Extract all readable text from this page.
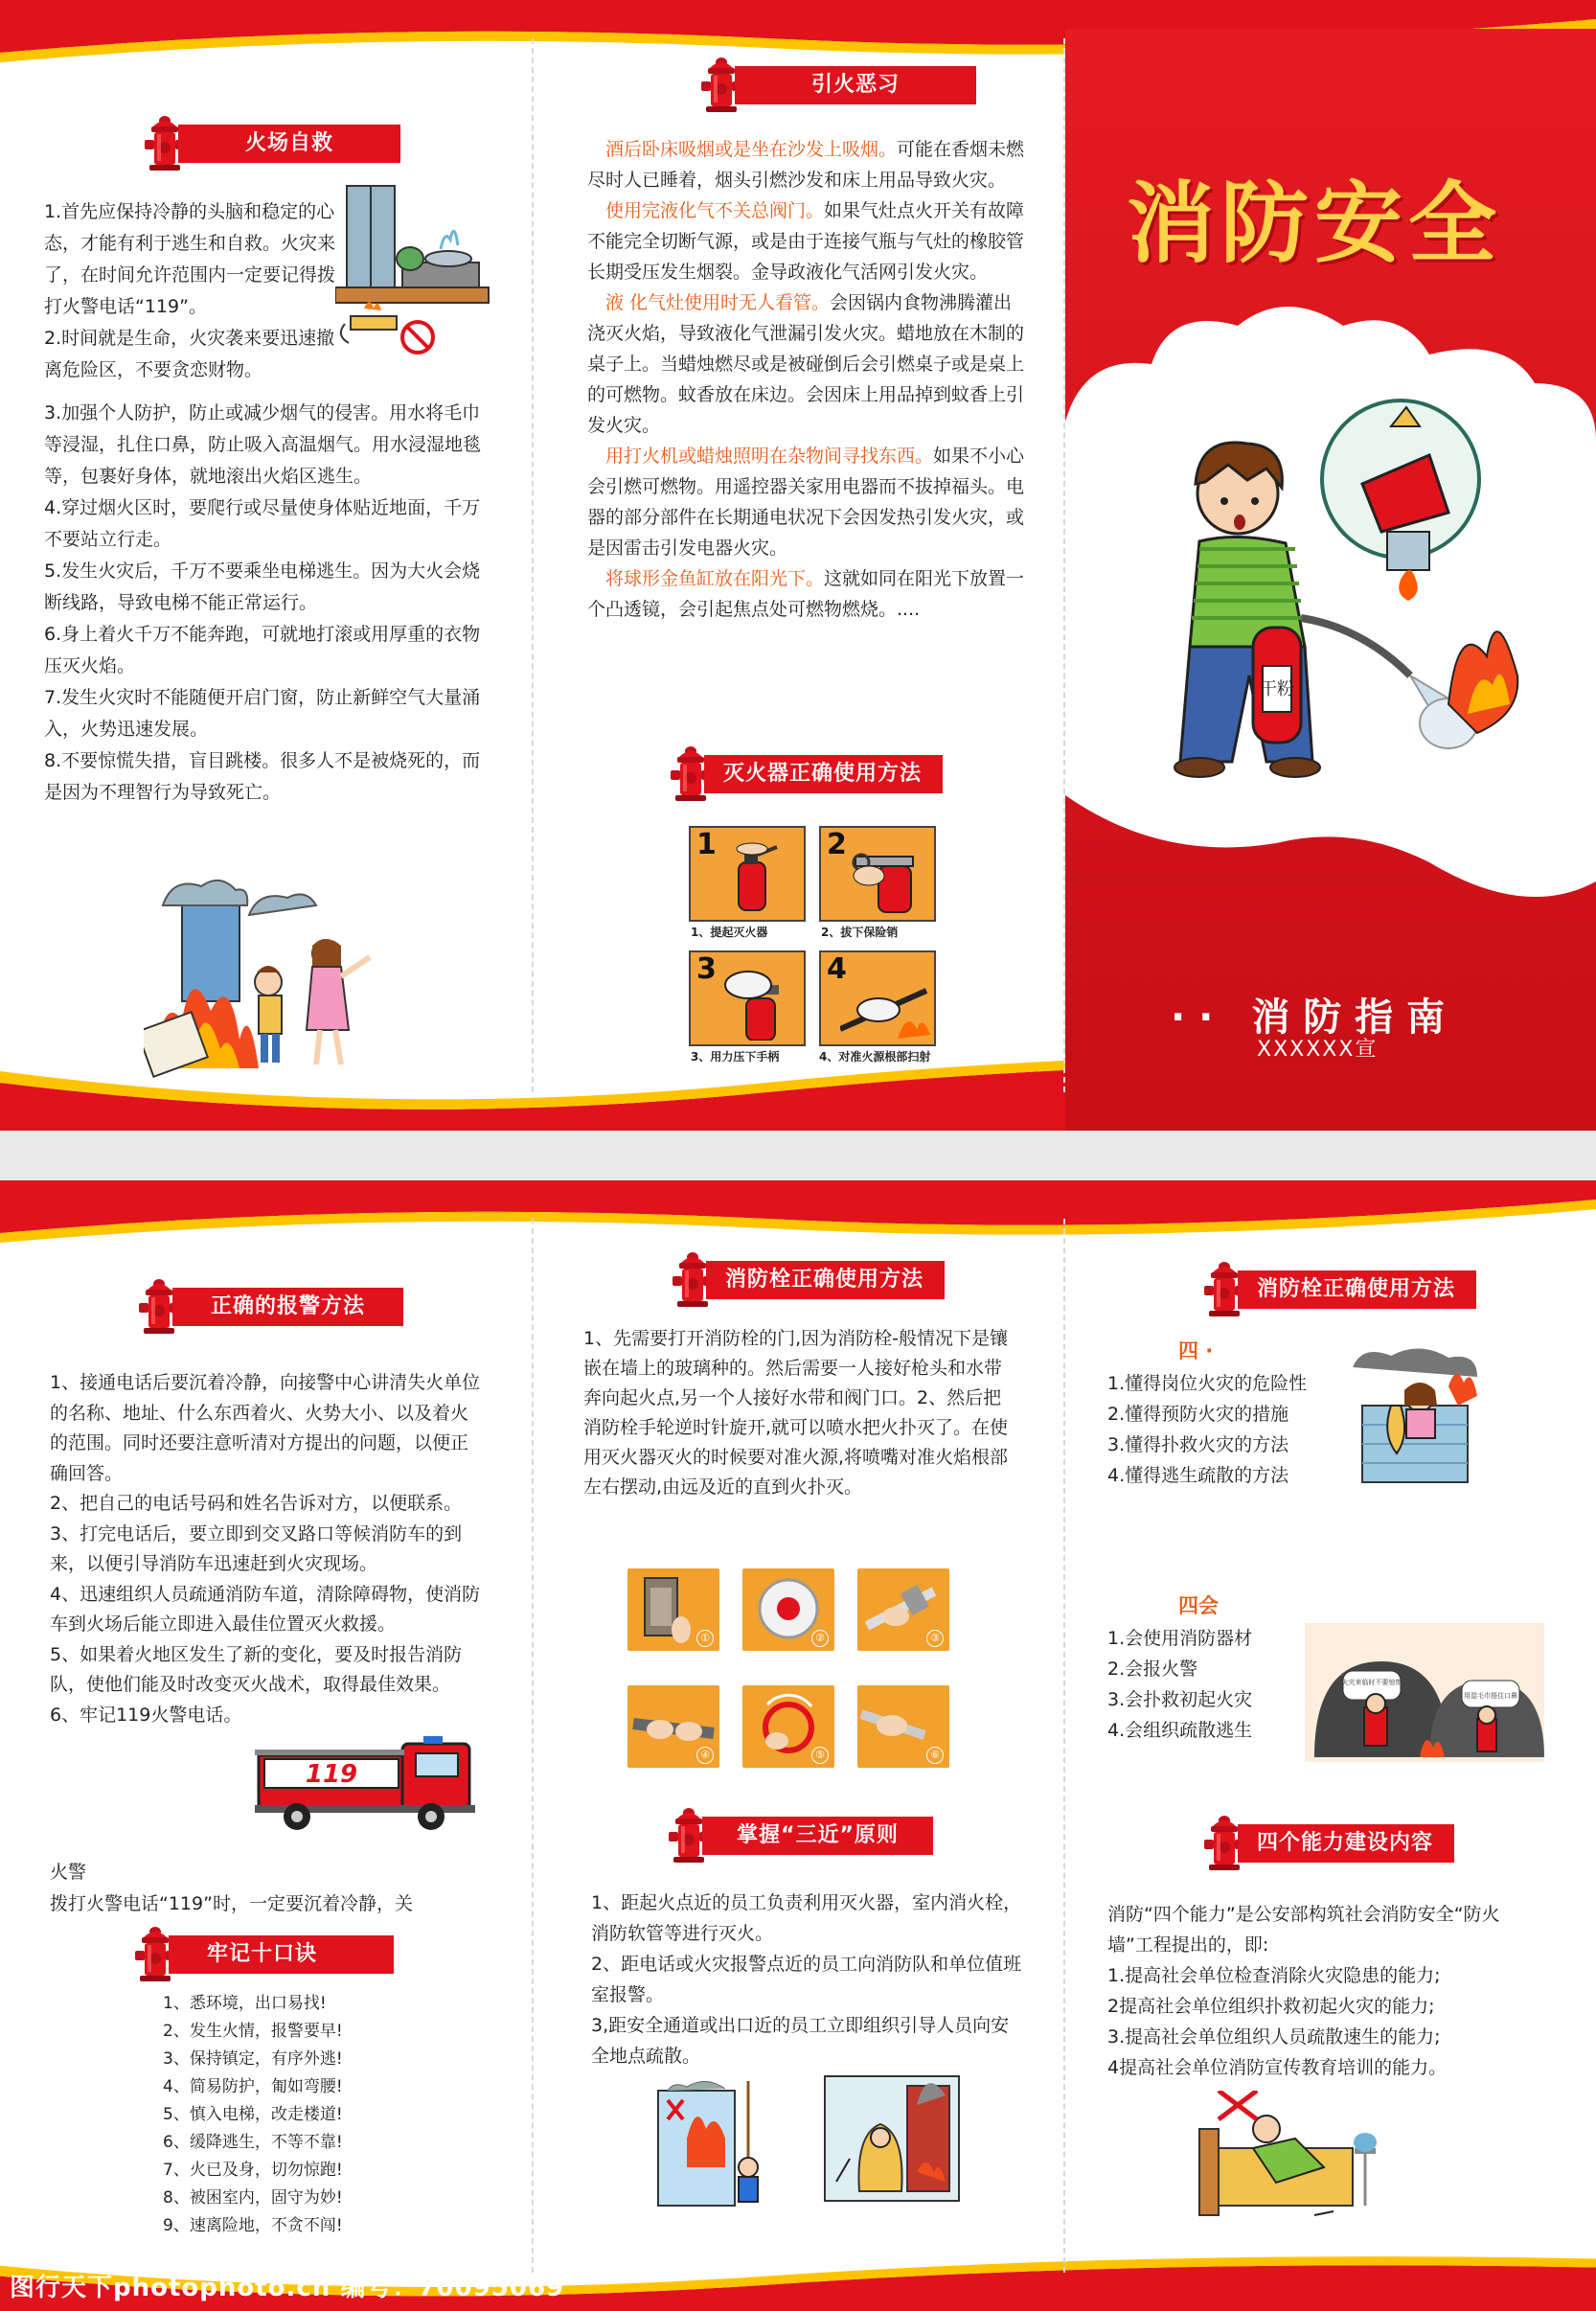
火场自救

1.首先应保持冷静的头脑和稳定的心态，才能有利于逃生和自救。火灾来了，在时间允许范围内一定要记得拨打火警电话“119”。

2.时间就是生命，火灾袭来要迅速撤离危险区，不要贪恋财物。

3.加强个人防护，防止或减少烟气的侵害。用水将毛巾等浸湿，扎住口鼻，防止吸入高温烟气。用水浸湿地毯等，包裹好身体，就地滚出火焰区逃生。

4.穿过烟火区时，要爬行或尽量使身体贴近地面，千万不要站立行走。

5.发生火灾后，千万不要乘坐电梯逃生。因为大火会烧断线路，导致电梯不能正常运行。

6.身上着火千万不能奔跑，可就地打滚或用厚重的衣物压灭火焰。

7.发生火灾时不能随便开启门窗，防止新鲜空气大量涌入，火势迅速发展。

8.不要惊慌失措，盲目跳楼。很多人不是被烧死的，而是因为不理智行为导致死亡。

引火恶习

 酒后卧床吸烟或是坐在沙发上吸烟。可能在香烟未燃尽时人已睡着，烟头引燃沙发和床上用品导致火灾。

 使用完液化气不关总阀门。如果气灶点火开关有故障不能完全切断气源，或是由于连接气瓶与气灶的橡胶管长期受压发生烟裂。金导政液化气活网引发火灾。

 液 化气灶使用时无人看管。会因锅内食物沸腾灌出浇灭火焰，导致液化气泄漏引发火灾。蜡地放在木制的桌子上。当蜡烛燃尽或是被碰倒后会引燃桌子或是桌上的可燃物。蚊香放在床边。会因床上用品掉到蚊香上引发火灾。

 用打火机或蜡烛照明在杂物间寻找东西。如果不小心会引燃可燃物。用遥控器关家用电器而不拔掉福头。电器的部分部件在长期通电状况下会因发热引发火灾，或是因雷击引发电器火灾。

 将球形金鱼缸放在阳光下。这就如同在阳光下放置一个凸透镜，会引起焦点处可燃物燃烧。....

灭火器正确使用方法
1
1、提起灭火器
2
2、拔下保险销
3
3、用力压下手柄
4
4、对准火源根部扫射
消防安全
干粉
· · 消 防 指 南
XXXXXX宣
图行天下photophoto.cn 编号：70095069
正确的报警方法

1、接通电话后要沉着冷静，向接警中心讲清失火单位的名称、地址、什么东西着火、火势大小、以及着火的范围。同时还要注意听清对方提出的问题，以便正确回答。

2、把自己的电话号码和姓名告诉对方，以便联系。

3、打完电话后，要立即到交叉路口等候消防车的到来，以便引导消防车迅速赶到火灾现场。

4、迅速组织人员疏通消防车道，清除障碍物，使消防车到火场后能立即进入最佳位置灭火救援。

5、如果着火地区发生了新的变化，要及时报告消防队，使他们能及时改变灭火战术，取得最佳效果。

6、牢记119火警电话。

119

火警

拨打火警电话“119”时，一定要沉着冷静，关

牢记十口诀

1、悉环境，出口易找!

2、发生火情，报警要早!

3、保持镇定，有序外逃!

4、简易防护，匍如弯腰!

5、慎入电梯，改走楼道!

6、缓降逃生，不等不靠!

7、火已及身，切勿惊跑!

8、被困室内，固守为妙!

9、速离险地，不贪不闯!

消防栓正确使用方法

1、先需要打开消防栓的门,因为消防栓-般情况下是镶嵌在墙上的玻璃种的。然后需要一人接好枪头和水带奔向起火点,另一个人接好水带和阀门口。2、然后把消防栓手轮逆时针旋开,就可以喷水把火扑灭了。在使用灭火器灭火的时候要对准火源,将喷嘴对准火焰根部左右摆动,由远及近的直到火扑灭。

①	②	③
④	⑤	⑥
掌握“三近”原则

1、距起火点近的员工负责利用灭火器，室内消火栓，消防软管等进行灭火。

2、距电话或火灾报警点近的员工向消防队和单位值班室报警。

3,距安全通道或出口近的员工立即组织引导人员向安全地点疏散。

消防栓正确使用方法
四 ·

1.懂得岗位火灾的危险性

2.懂得预防火灾的措施

3.懂得扑救火灾的方法

4.懂得逃生疏散的方法

四会

1.会使用消防器材

2.会报火警

3.会扑救初起火灾

4.会组织疏散逃生

火灾来临时不要惊慌
用湿毛巾捂住口鼻
四个能力建设内容

消防“四个能力”是公安部构筑社会消防安全“防火墙”工程提出的，即:

1.提高社会单位检查消除火灾隐患的能力;

2提高社会单位组织扑救初起火灾的能力;

3.提高社会单位组织人员疏散速生的能力;

4提高社会单位消防宣传教育培训的能力。
